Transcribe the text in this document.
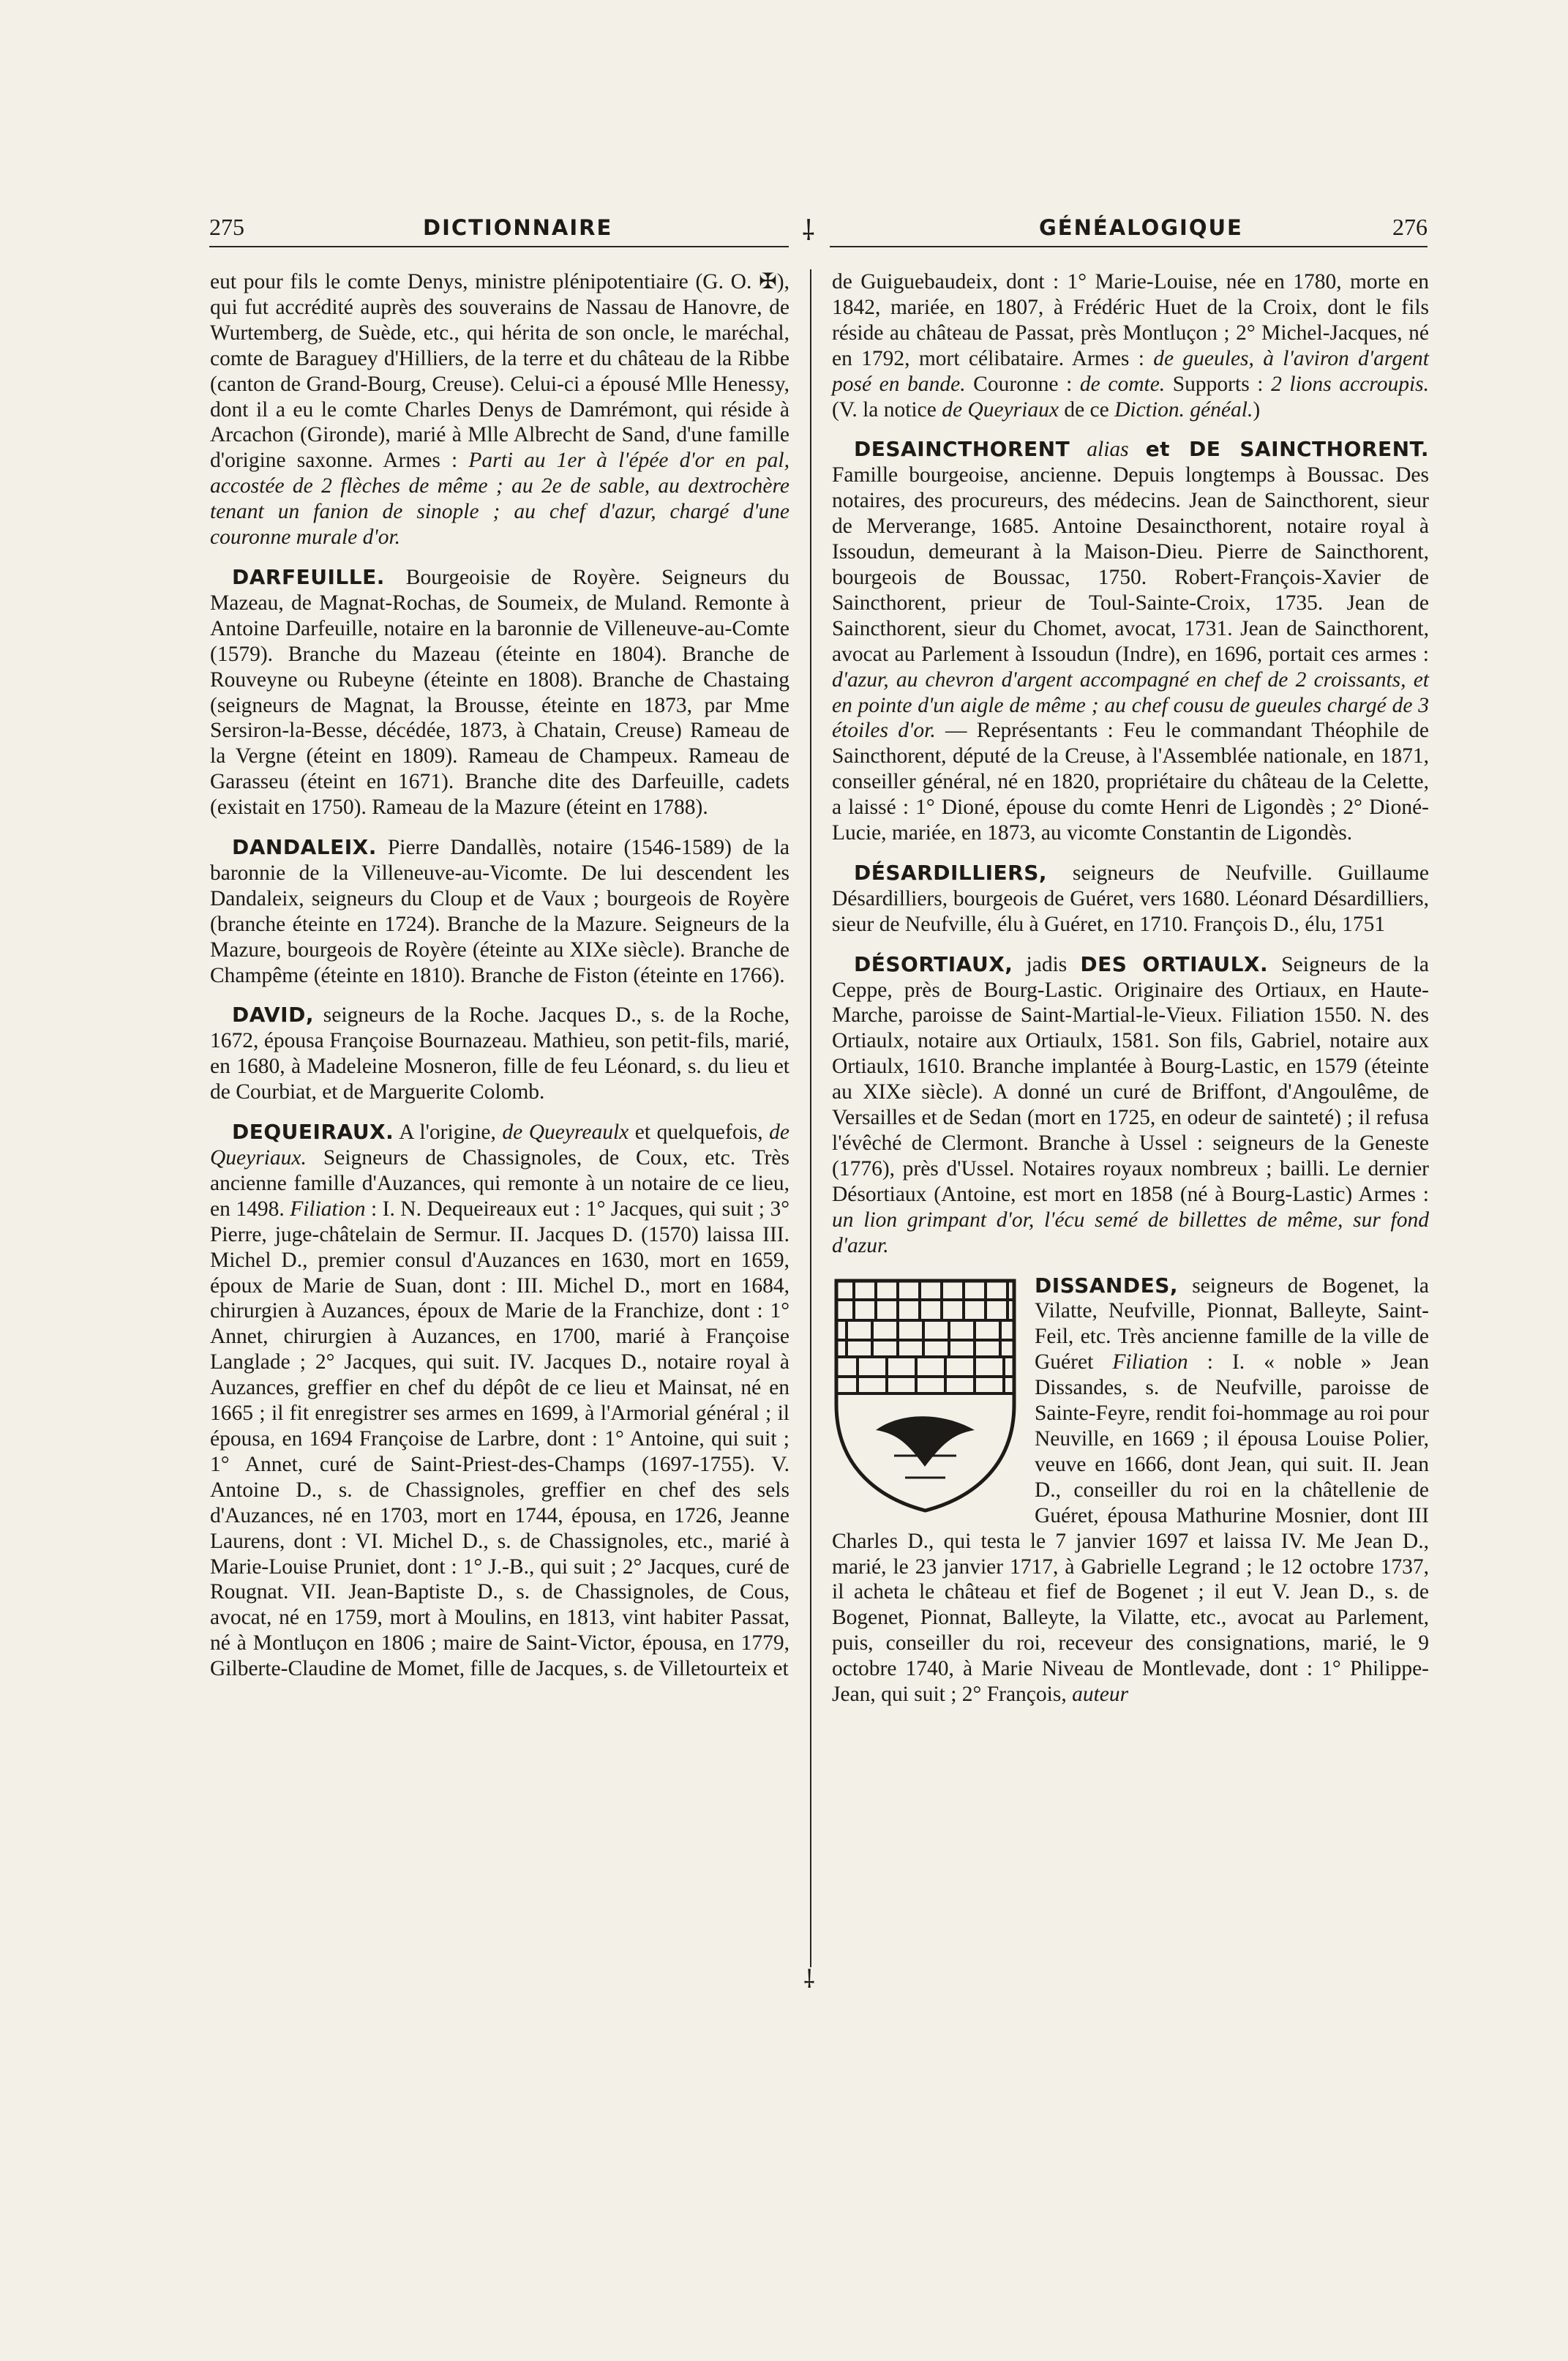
275	DICTIONNAIRE	⸸	GÉNÉALOGIQUE	276
⸸

eut pour fils le comte Denys, ministre plénipotentiaire (G. O. ✠), qui fut accrédité auprès des souverains de Nassau de Hanovre, de Wurtemberg, de Suède, etc., qui hérita de son oncle, le maréchal, comte de Baraguey d'Hilliers, de la terre et du château de la Ribbe (canton de Grand-Bourg, Creuse). Celui-ci a épousé Mlle Henessy, dont il a eu le comte Charles Denys de Damrémont, qui réside à Arcachon (Gironde), marié à Mlle Albrecht de Sand, d'une famille d'origine saxonne. Armes : Parti au 1er à l'épée d'or en pal, accostée de 2 flèches de même ; au 2e de sable, au dextrochère tenant un fanion de sinople ; au chef d'azur, chargé d'une couronne murale d'or.

DARFEUILLE. Bourgeoisie de Royère. Seigneurs du Mazeau, de Magnat-Rochas, de Soumeix, de Muland. Remonte à Antoine Darfeuille, notaire en la baronnie de Villeneuve-au-Comte (1579). Branche du Mazeau (éteinte en 1804). Branche de Rouveyne ou Rubeyne (éteinte en 1808). Branche de Chastaing (seigneurs de Magnat, la Brousse, éteinte en 1873, par Mme Sersiron-la-Besse, décédée, 1873, à Chatain, Creuse) Rameau de la Vergne (éteint en 1809). Rameau de Champeux. Rameau de Garasseu (éteint en 1671). Branche dite des Darfeuille, cadets (existait en 1750). Rameau de la Mazure (éteint en 1788).

DANDALEIX. Pierre Dandallès, notaire (1546-1589) de la baronnie de la Villeneuve-au-Vicomte. De lui descendent les Dandaleix, seigneurs du Cloup et de Vaux ; bourgeois de Royère (branche éteinte en 1724). Branche de la Mazure. Seigneurs de la Mazure, bourgeois de Royère (éteinte au XIXe siècle). Branche de Champême (éteinte en 1810). Branche de Fiston (éteinte en 1766).

DAVID, seigneurs de la Roche. Jacques D., s. de la Roche, 1672, épousa Françoise Bournazeau. Mathieu, son petit-fils, marié, en 1680, à Madeleine Mosneron, fille de feu Léonard, s. du lieu et de Courbiat, et de Marguerite Colomb.

DEQUEIRAUX. A l'origine, de Queyreaulx et quelquefois, de Queyriaux. Seigneurs de Chassignoles, de Coux, etc. Très ancienne famille d'Auzances, qui remonte à un notaire de ce lieu, en 1498. Filiation : I. N. Dequeireaux eut : 1° Jacques, qui suit ; 3° Pierre, juge-châtelain de Sermur. II. Jacques D. (1570) laissa III. Michel D., premier consul d'Auzances en 1630, mort en 1659, époux de Marie de Suan, dont : III. Michel D., mort en 1684, chirurgien à Auzances, époux de Marie de la Franchize, dont : 1° Annet, chirurgien à Auzances, en 1700, marié à Françoise Langlade ; 2° Jacques, qui suit. IV. Jacques D., notaire royal à Auzances, greffier en chef du dépôt de ce lieu et Mainsat, né en 1665 ; il fit enregistrer ses armes en 1699, à l'Armorial général ; il épousa, en 1694 Françoise de Larbre, dont : 1° Antoine, qui suit ; 1° Annet, curé de Saint-Priest-des-Champs (1697-1755). V. Antoine D., s. de Chassignoles, greffier en chef des sels d'Auzances, né en 1703, mort en 1744, épousa, en 1726, Jeanne Laurens, dont : VI. Michel D., s. de Chassignoles, etc., marié à Marie-Louise Pruniet, dont : 1° J.-B., qui suit ; 2° Jacques, curé de Rougnat. VII. Jean-Baptiste D., s. de Chassignoles, de Cous, avocat, né en 1759, mort à Moulins, en 1813, vint habiter Passat, né à Montluçon en 1806 ; maire de Saint-Victor, épousa, en 1779, Gilberte-Claudine de Momet, fille de Jacques, s. de Villetourteix et

de Guiguebaudeix, dont : 1° Marie-Louise, née en 1780, morte en 1842, mariée, en 1807, à Frédéric Huet de la Croix, dont le fils réside au château de Passat, près Montluçon ; 2° Michel-Jacques, né en 1792, mort célibataire. Armes : de gueules, à l'aviron d'argent posé en bande. Couronne : de comte. Supports : 2 lions accroupis. (V. la notice de Queyriaux de ce Diction. généal.)

DESAINCTHORENT alias et DE SAINCTHORENT. Famille bourgeoise, ancienne. Depuis longtemps à Boussac. Des notaires, des procureurs, des médecins. Jean de Saincthorent, sieur de Merverange, 1685. Antoine Desaincthorent, notaire royal à Issoudun, demeurant à la Maison-Dieu. Pierre de Saincthorent, bourgeois de Boussac, 1750. Robert-François-Xavier de Saincthorent, prieur de Toul-Sainte-Croix, 1735. Jean de Saincthorent, sieur du Chomet, avocat, 1731. Jean de Saincthorent, avocat au Parlement à Issoudun (Indre), en 1696, portait ces armes : d'azur, au chevron d'argent accompagné en chef de 2 croissants, et en pointe d'un aigle de même ; au chef cousu de gueules chargé de 3 étoiles d'or. — Représentants : Feu le commandant Théophile de Saincthorent, député de la Creuse, à l'Assemblée nationale, en 1871, conseiller général, né en 1820, propriétaire du château de la Celette, a laissé : 1° Dioné, épouse du comte Henri de Ligondès ; 2° Dioné-Lucie, mariée, en 1873, au vicomte Constantin de Ligondès.

DÉSARDILLIERS, seigneurs de Neufville. Guillaume Désardilliers, bourgeois de Guéret, vers 1680. Léonard Désardilliers, sieur de Neufville, élu à Guéret, en 1710. François D., élu, 1751

DÉSORTIAUX, jadis DES ORTIAULX. Seigneurs de la Ceppe, près de Bourg-Lastic. Originaire des Ortiaux, en Haute-Marche, paroisse de Saint-Martial-le-Vieux. Filiation 1550. N. des Ortiaulx, notaire aux Ortiaulx, 1581. Son fils, Gabriel, notaire aux Ortiaulx, 1610. Branche implantée à Bourg-Lastic, en 1579 (éteinte au XIXe siècle). A donné un curé de Briffont, d'Angoulême, de Versailles et de Sedan (mort en 1725, en odeur de sainteté) ; il refusa l'évêché de Clermont. Branche à Ussel : seigneurs de la Geneste (1776), près d'Ussel. Notaires royaux nombreux ; bailli. Le dernier Désortiaux (Antoine, est mort en 1858 (né à Bourg-Lastic) Armes : un lion grimpant d'or, l'écu semé de billettes de même, sur fond d'azur.

DISSANDES, seigneurs de Bogenet, la Vilatte, Neufville, Pionnat, Balleyte, Saint-Feil, etc. Très ancienne famille de la ville de Guéret Filiation : I. « noble » Jean Dissandes, s. de Neufville, paroisse de Sainte-Feyre, rendit foi-hommage au roi pour Neuville, en 1669 ; il épousa Louise Polier, veuve en 1666, dont Jean, qui suit. II. Jean D., conseiller du roi en la châtellenie de Guéret, épousa Mathurine Mosnier, dont III Charles D., qui testa le 7 janvier 1697 et laissa IV. Me Jean D., marié, le 23 janvier 1717, à Gabrielle Legrand ; le 12 octobre 1737, il acheta le château et fief de Bogenet ; il eut V. Jean D., s. de Bogenet, Pionnat, Balleyte, la Vilatte, etc., avocat au Parlement, puis, conseiller du roi, receveur des consignations, marié, le 9 octobre 1740, à Marie Niveau de Montlevade, dont : 1° Philippe-Jean, qui suit ; 2° François, auteur
